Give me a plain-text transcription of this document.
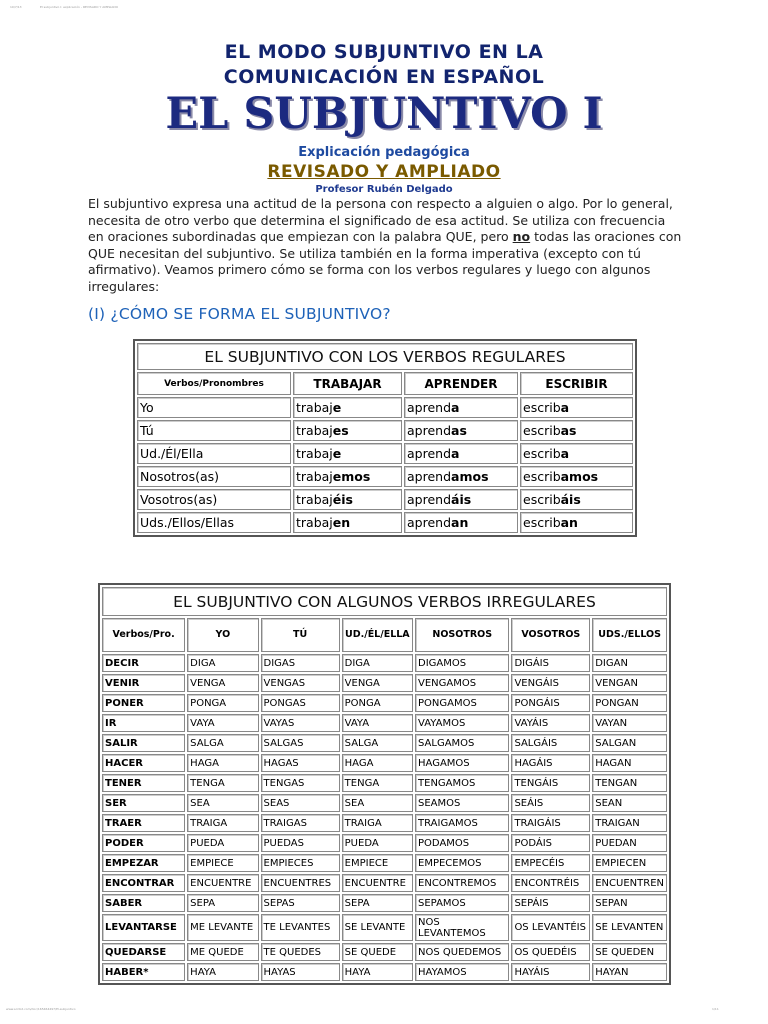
10/7/13	El subjuntivo I: explicación - REVISADO Y AMPLIADO
EL MODO SUBJUNTIVO EN LA
COMUNICACIÓN EN ESPAÑOL
EL SUBJUNTIVO I
Explicación pedagógica
REVISADO Y AMPLIADO
Profesor Rubén Delgado
El subjuntivo expresa una actitud de la persona con respecto a alguien o algo. Por lo general, necesita de otro verbo que determina el significado de esa actitud. Se utiliza con frecuencia en oraciones subordinadas que empiezan con la palabra QUE, pero no todas las oraciones con QUE necesitan del subjuntivo. Se utiliza también en la forma imperativa (excepto con tú afirmativo). Veamos primero cómo se forma con los verbos regulares y luego con algunos irregulares:
(I) ¿CÓMO SE FORMA EL SUBJUNTIVO?
EL SUBJUNTIVO CON LOS VERBOS REGULARES			
Verbos/Pronombres	TRABAJAR	APRENDER	ESCRIBIR
Yo	trabaje	aprenda	escriba
Tú	trabajes	aprendas	escribas
Ud./Él/Ella	trabaje	aprenda	escriba
Nosotros(as)	trabajemos	aprendamos	escribamos
Vosotros(as)	trabajéis	aprendáis	escribáis
Uds./Ellos/Ellas	trabajen	aprendan	escriban
EL SUBJUNTIVO CON ALGUNOS VERBOS IRREGULARES						
Verbos/Pro.	YO	TÚ	UD./ÉL/ELLA	NOSOTROS	VOSOTROS	UDS./ELLOS
DECIR	DIGA	DIGAS	DIGA	DIGAMOS	DIGÁIS	DIGAN
VENIR	VENGA	VENGAS	VENGA	VENGAMOS	VENGÁIS	VENGAN
PONER	PONGA	PONGAS	PONGA	PONGAMOS	PONGÁIS	PONGAN
IR	VAYA	VAYAS	VAYA	VAYAMOS	VAYÁIS	VAYAN
SALIR	SALGA	SALGAS	SALGA	SALGAMOS	SALGÁIS	SALGAN
HACER	HAGA	HAGAS	HAGA	HAGAMOS	HAGÁIS	HAGAN
TENER	TENGA	TENGAS	TENGA	TENGAMOS	TENGÁIS	TENGAN
SER	SEA	SEAS	SEA	SEAMOS	SEÁIS	SEAN
TRAER	TRAIGA	TRAIGAS	TRAIGA	TRAIGAMOS	TRAIGÁIS	TRAIGAN
PODER	PUEDA	PUEDAS	PUEDA	PODAMOS	PODÁIS	PUEDAN
EMPEZAR	EMPIECE	EMPIECES	EMPIECE	EMPECEMOS	EMPECÉIS	EMPIECEN
ENCONTRAR	ENCUENTRE	ENCUENTRES	ENCUENTRE	ENCONTREMOS	ENCONTRÉIS	ENCUENTREN
SABER	SEPA	SEPAS	SEPA	SEPAMOS	SEPÁIS	SEPAN
LEVANTARSE	ME LEVANTE	TE LEVANTES	SE LEVANTE	NOS LEVANTEMOS	OS LEVANTÉIS	SE LEVANTEN
QUEDARSE	ME QUEDE	TE QUEDES	SE QUEDE	NOS QUEDEMOS	OS QUEDÉIS	SE QUEDEN
HABER*	HAYA	HAYAS	HAYA	HAYAMOS	HAYÁIS	HAYAN
www.scribd.com/doc/165464497/El-subjuntivo	1/11
